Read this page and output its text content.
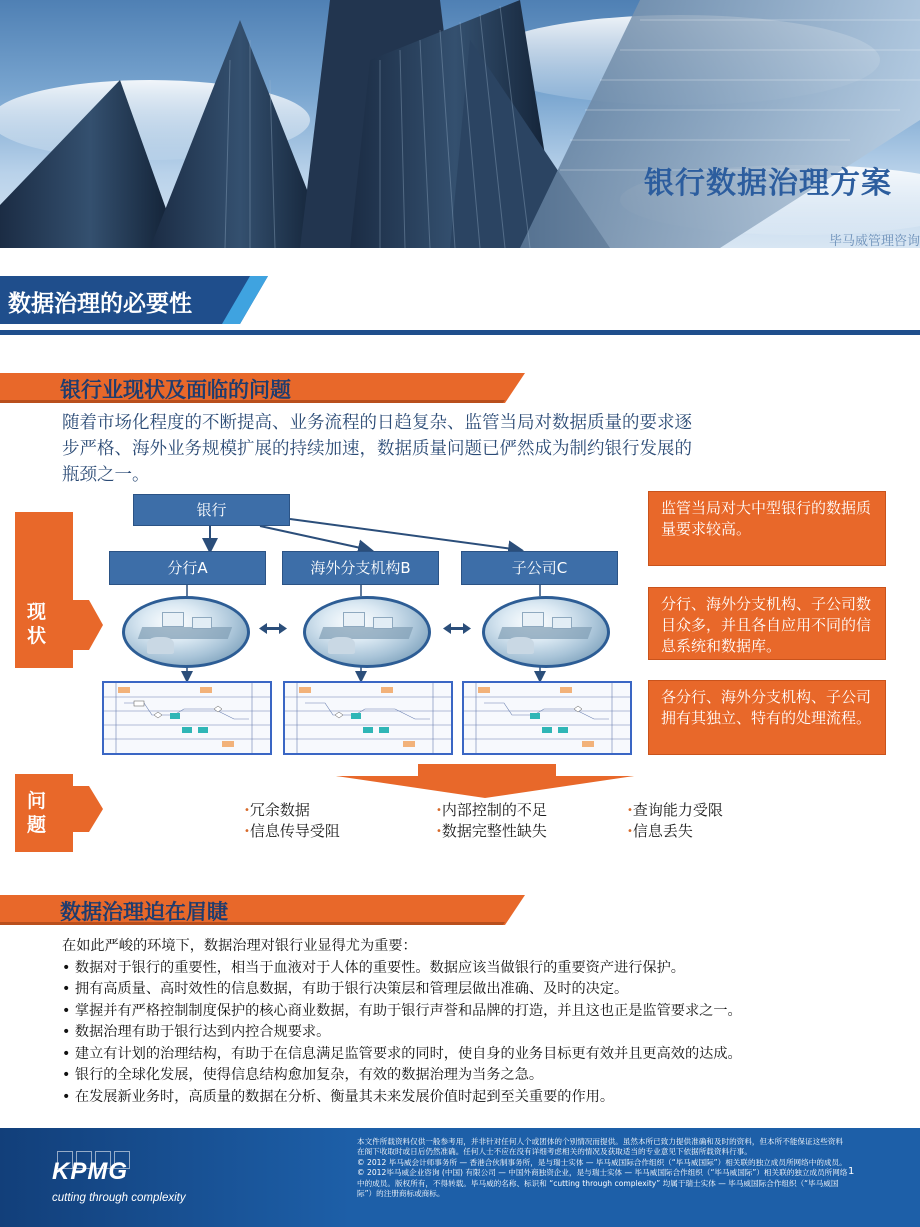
银行数据治理方案
毕马威管理咨询
数据治理的必要性
银行业现状及面临的问题
随着市场化程度的不断提高、业务流程的日趋复杂、监管当局对数据质量的要求逐步严格、海外业务规模扩展的持续加速，数据质量问题已俨然成为制约银行发展的瓶颈之一。
现
状
问
题
银行
分行A	海外分支机构B	子公司C
监管当局对大中型银行的数据质量要求较高。
分行、海外分支机构、子公司数目众多，并且各自应用不同的信息系统和数据库。
各分行、海外分支机构、子公司拥有其独立、特有的处理流程。
•冗余数据
•信息传导受阻
•内部控制的不足
•数据完整性缺失
•查询能力受限
•信息丢失
数据治理迫在眉睫
在如此严峻的环境下，数据治理对银行业显得尤为重要：
• 数据对于银行的重要性，相当于血液对于人体的重要性。数据应该当做银行的重要资产进行保护。
• 拥有高质量、高时效性的信息数据，有助于银行决策层和管理层做出准确、及时的决定。
• 掌握并有严格控制制度保护的核心商业数据，有助于银行声誉和品牌的打造，并且这也正是监管要求之一。
• 数据治理有助于银行达到内控合规要求。
• 建立有计划的治理结构，有助于在信息满足监管要求的同时，使自身的业务目标更有效并且更高效的达成。
• 银行的全球化发展，使得信息结构愈加复杂，有效的数据治理为当务之急。
• 在发展新业务时，高质量的数据在分析、衡量其未来发展价值时起到至关重要的作用。
KPMG
cutting through complexity
本文件所载资料仅供一般参考用，并非针对任何人个或团体的个别情况而提供。虽然本所已致力提供准确和及时的资料，但本所不能保证这些资料
在阁下收取时或日后仍然准确。任何人士不应在没有详细考虑相关的情况及获取适当的专业意见下依据所载资料行事。
© 2012 毕马威会计师事务所 — 香港合伙制事务所，是与瑞士实体 — 毕马威国际合作组织（“毕马威国际”）相关联的独立成员所网络中的成员。
© 2012毕马威企业咨询 (中国) 有限公司 — 中国外商独资企业，是与瑞士实体 — 毕马威国际合作组织（“毕马威国际”）相关联的独立成员所网络
中的成员。版权所有，不得转载。毕马威的名称、标识和 “cutting through complexity” 均属于瑞士实体 — 毕马威国际合作组织（“毕马威国
际”）的注册商标或商标。
1
